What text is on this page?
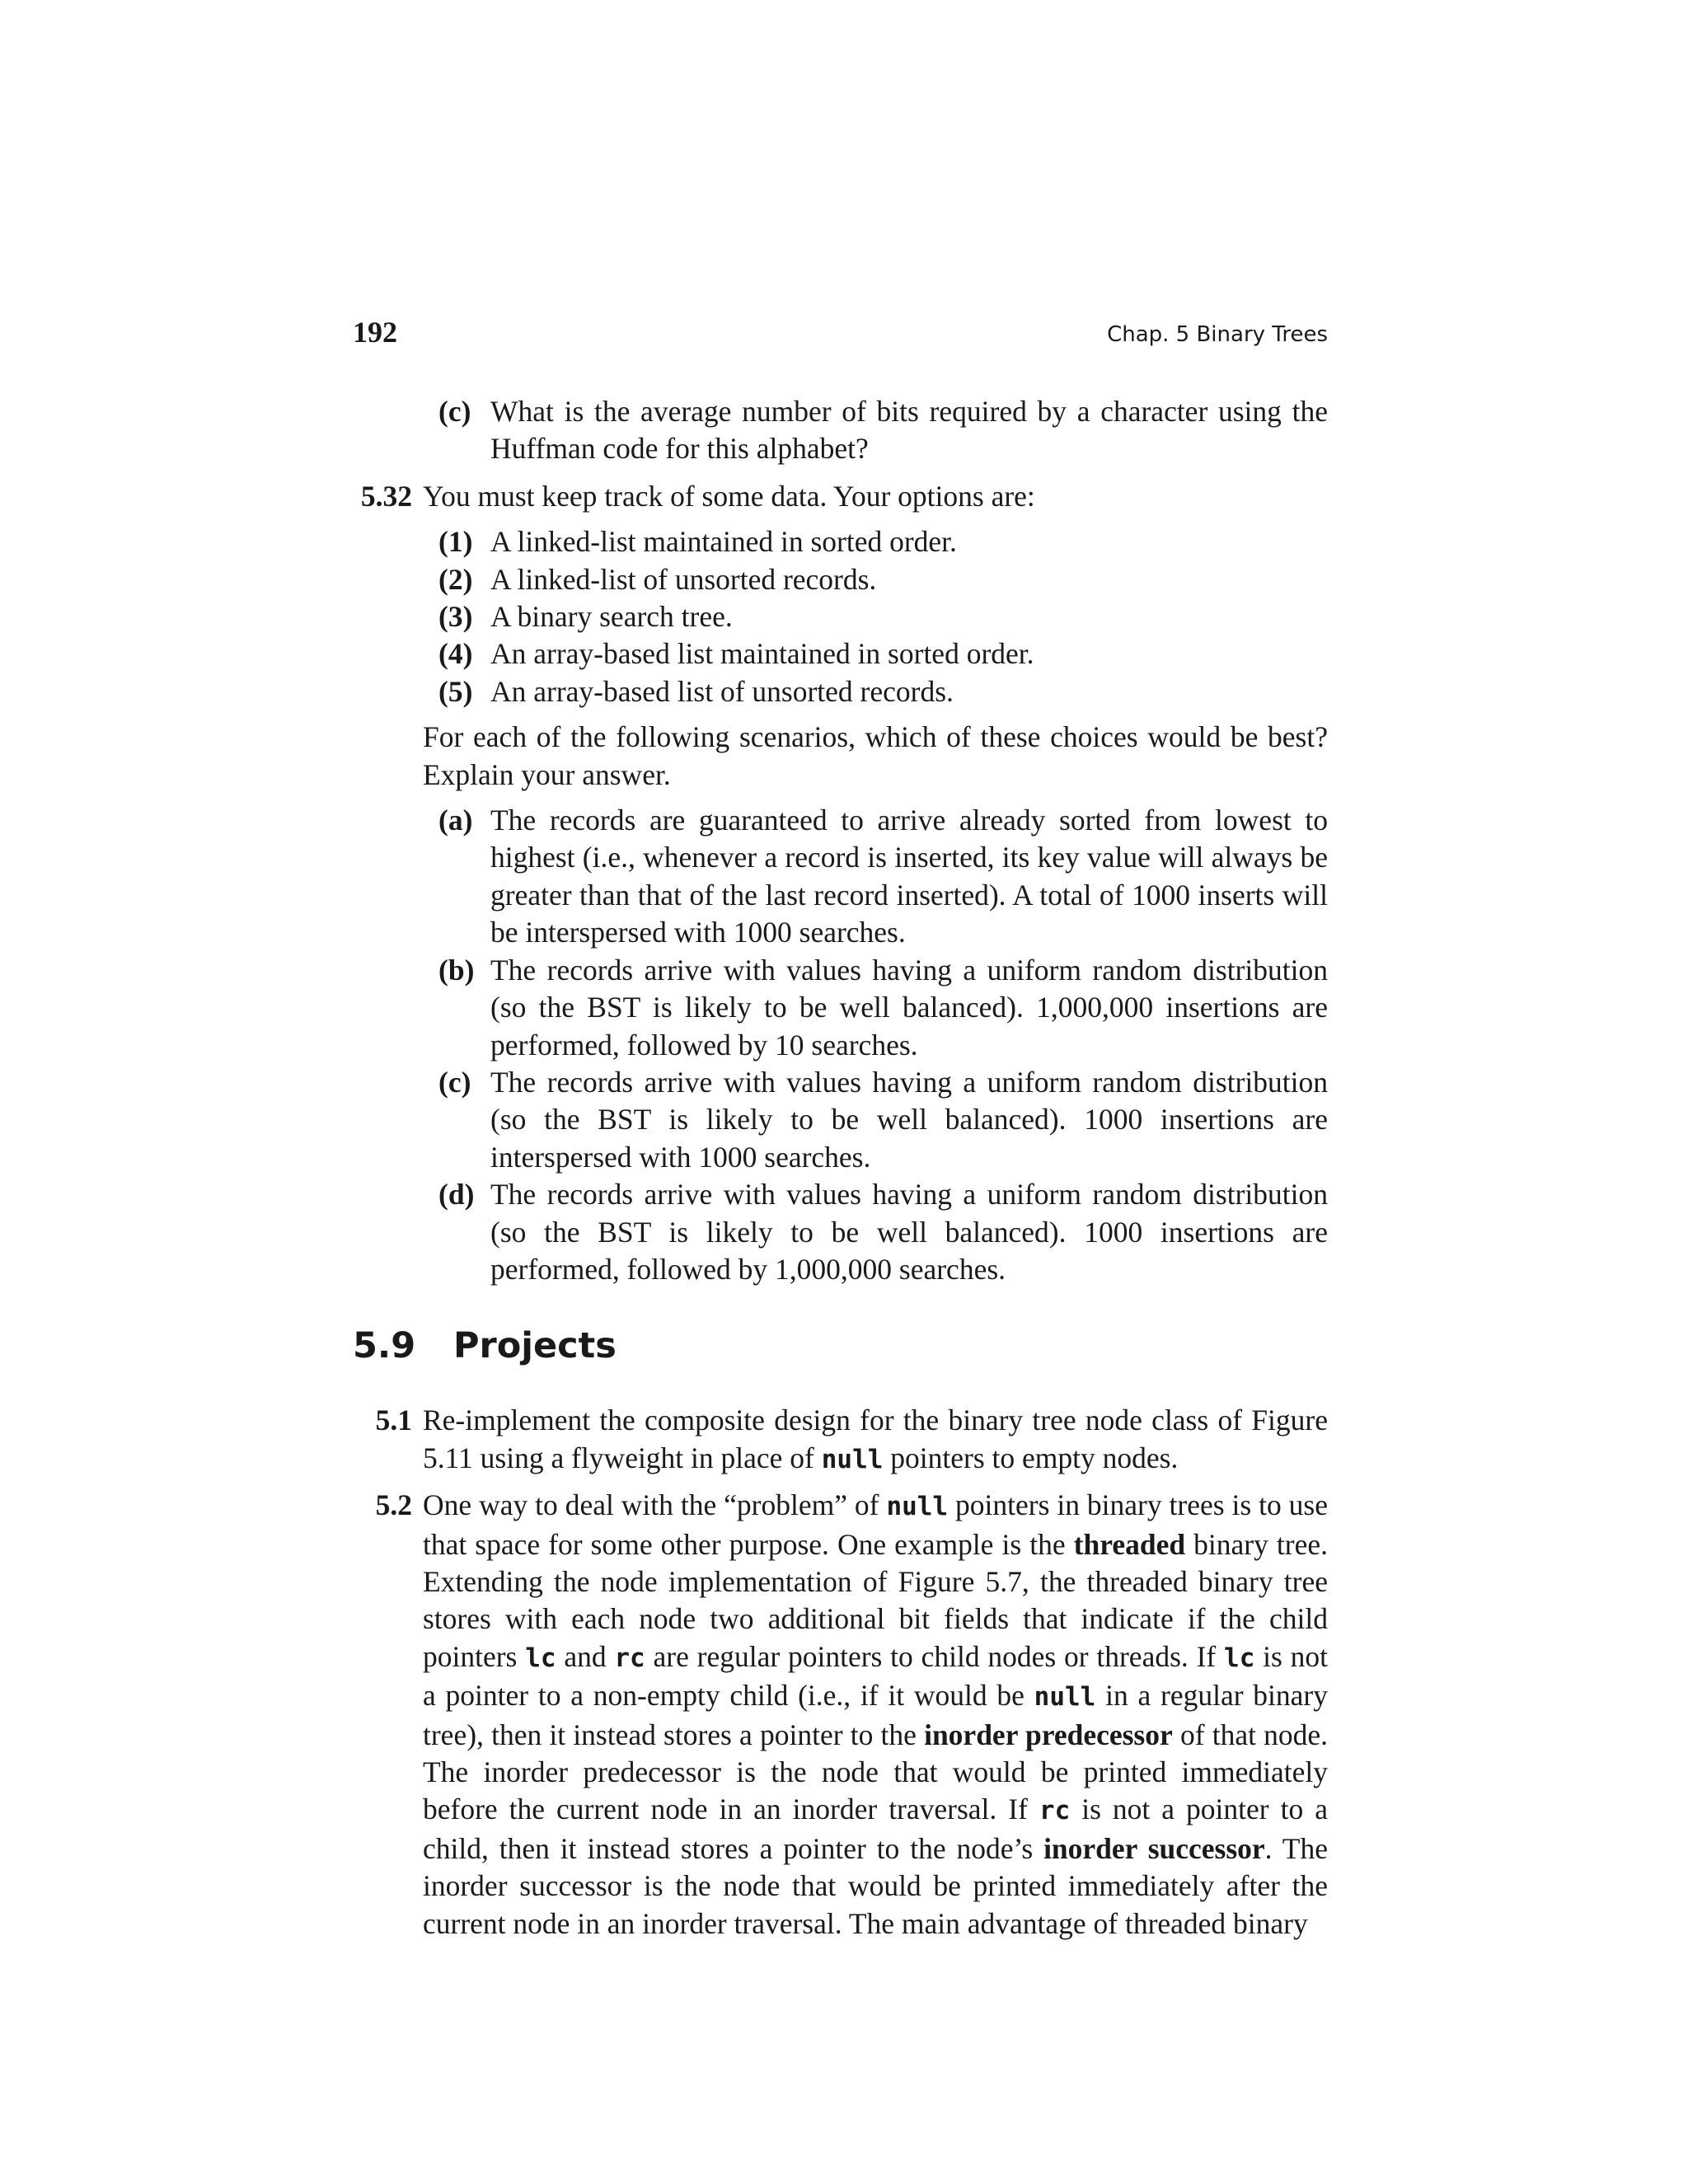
192	Chap. 5 Binary Trees
(c) What is the average number of bits required by a character using the Huffman code for this alphabet?
5.32 You must keep track of some data. Your options are:
(1) A linked-list maintained in sorted order.
(2) A linked-list of unsorted records.
(3) A binary search tree.
(4) An array-based list maintained in sorted order.
(5) An array-based list of unsorted records.
For each of the following scenarios, which of these choices would be best? Explain your answer.
(a) The records are guaranteed to arrive already sorted from lowest to highest (i.e., whenever a record is inserted, its key value will always be greater than that of the last record inserted). A total of 1000 inserts will be interspersed with 1000 searches.
(b) The records arrive with values having a uniform random distribution (so the BST is likely to be well balanced). 1,000,000 insertions are performed, followed by 10 searches.
(c) The records arrive with values having a uniform random distribution (so the BST is likely to be well balanced). 1000 insertions are interspersed with 1000 searches.
(d) The records arrive with values having a uniform random distribution (so the BST is likely to be well balanced). 1000 insertions are performed, followed by 1,000,000 searches.
5.9	Projects
5.1 Re-implement the composite design for the binary tree node class of Figure 5.11 using a flyweight in place of null pointers to empty nodes.
5.2 One way to deal with the “problem” of null pointers in binary trees is to use that space for some other purpose. One example is the threaded binary tree. Extending the node implementation of Figure 5.7, the threaded binary tree stores with each node two additional bit fields that indicate if the child pointers lc and rc are regular pointers to child nodes or threads. If lc is not a pointer to a non-empty child (i.e., if it would be null in a regular binary tree), then it instead stores a pointer to the inorder predecessor of that node. The inorder predecessor is the node that would be printed immediately before the current node in an inorder traversal. If rc is not a pointer to a child, then it instead stores a pointer to the node’s inorder successor. The inorder successor is the node that would be printed immediately after the current node in an inorder traversal. The main advantage of threaded binary
